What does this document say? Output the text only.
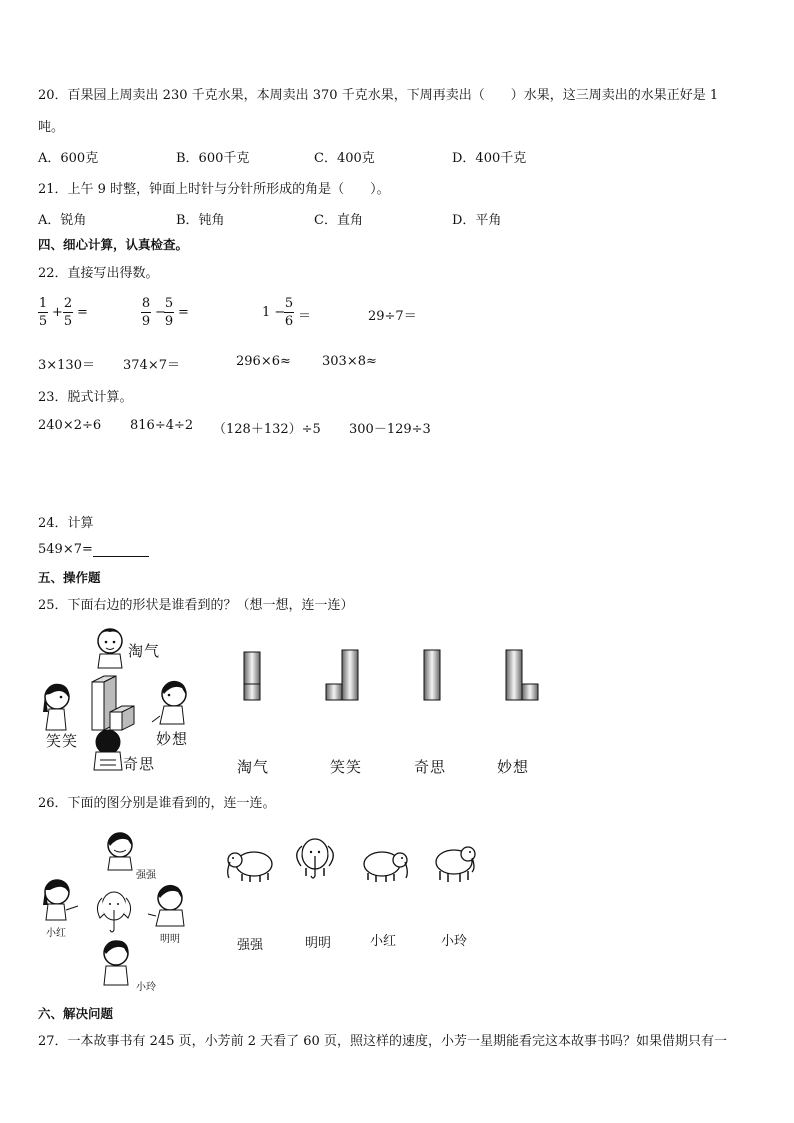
20．百果园上周卖出 230 千克水果，本周卖出 370 千克水果，下周再卖出（　　）水果，这三周卖出的水果正好是 1
吨。
A．600克	B．600千克	C．400克	D．400千克
21．上午 9 时整，钟面上时针与分针所形成的角是（　　）。
A．锐角	B．钝角	C．直角	D．平角
四、细心计算，认真检查。
22．直接写出得数。
1
5
+
2
5
=
8
9
−
5
9
=	1 −
5
6 ＝	29÷7＝
3×130＝ 374×7＝	296×6≈ 303×8≈
23．脱式计算。
240×2÷6 816÷4÷2 （128＋132）÷5 300－129÷3
24．计算
549×7=
五、操作题
25．下面右边的形状是谁看到的？（想一想，连一连）
淘气
笑笑	妙想
奇思	淘气	笑笑	奇思	妙想
26．下面的图分别是谁看到的，连一连。
强强
小红
明明
小玲
强强	明明	小红	小玲
六、解决问题
27．一本故事书有 245 页，小芳前 2 天看了 60 页，照这样的速度，小芳一星期能看完这本故事书吗？如果借期只有一
